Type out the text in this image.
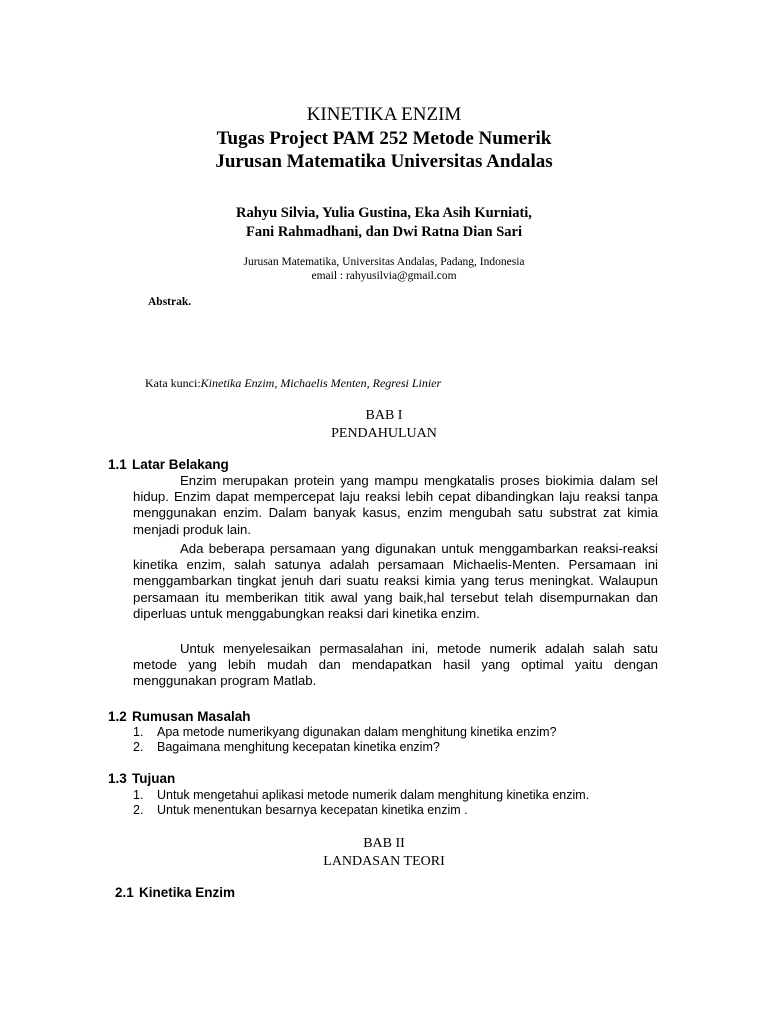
KINETIKA ENZIM
Tugas Project PAM 252 Metode Numerik
Jurusan Matematika Universitas Andalas
Rahyu Silvia, Yulia Gustina, Eka Asih Kurniati,
Fani Rahmadhani, dan Dwi Ratna Dian Sari
Jurusan Matematika, Universitas Andalas, Padang, Indonesia
email : rahyusilvia@gmail.com
Abstrak.
Kata kunci:Kinetika Enzim, Michaelis Menten, Regresi Linier
BAB I
PENDAHULUAN
1.1 Latar Belakang
Enzim merupakan protein yang mampu mengkatalis proses biokimia dalam sel hidup. Enzim dapat mempercepat laju reaksi lebih cepat dibandingkan laju reaksi tanpa menggunakan enzim. Dalam banyak kasus, enzim mengubah satu substrat zat kimia menjadi produk lain.
Ada beberapa persamaan yang digunakan untuk menggambarkan reaksi-reaksi kinetika enzim, salah satunya adalah persamaan Michaelis-Menten. Persamaan ini menggambarkan tingkat jenuh dari suatu reaksi kimia yang terus meningkat. Walaupun persamaan itu memberikan titik awal yang baik,hal tersebut telah disempurnakan dan diperluas untuk menggabungkan reaksi dari kinetika enzim.
Untuk menyelesaikan permasalahan ini, metode numerik adalah salah satu metode yang lebih mudah dan mendapatkan hasil yang optimal yaitu dengan menggunakan program Matlab.
1.2 Rumusan Masalah
1. Apa metode numerikyang digunakan dalam menghitung kinetika enzim?
2. Bagaimana menghitung kecepatan kinetika enzim?
1.3 Tujuan
1. Untuk mengetahui aplikasi metode numerik dalam menghitung kinetika enzim.
2. Untuk menentukan besarnya kecepatan kinetika enzim .
BAB II
LANDASAN TEORI
2.1 Kinetika Enzim
